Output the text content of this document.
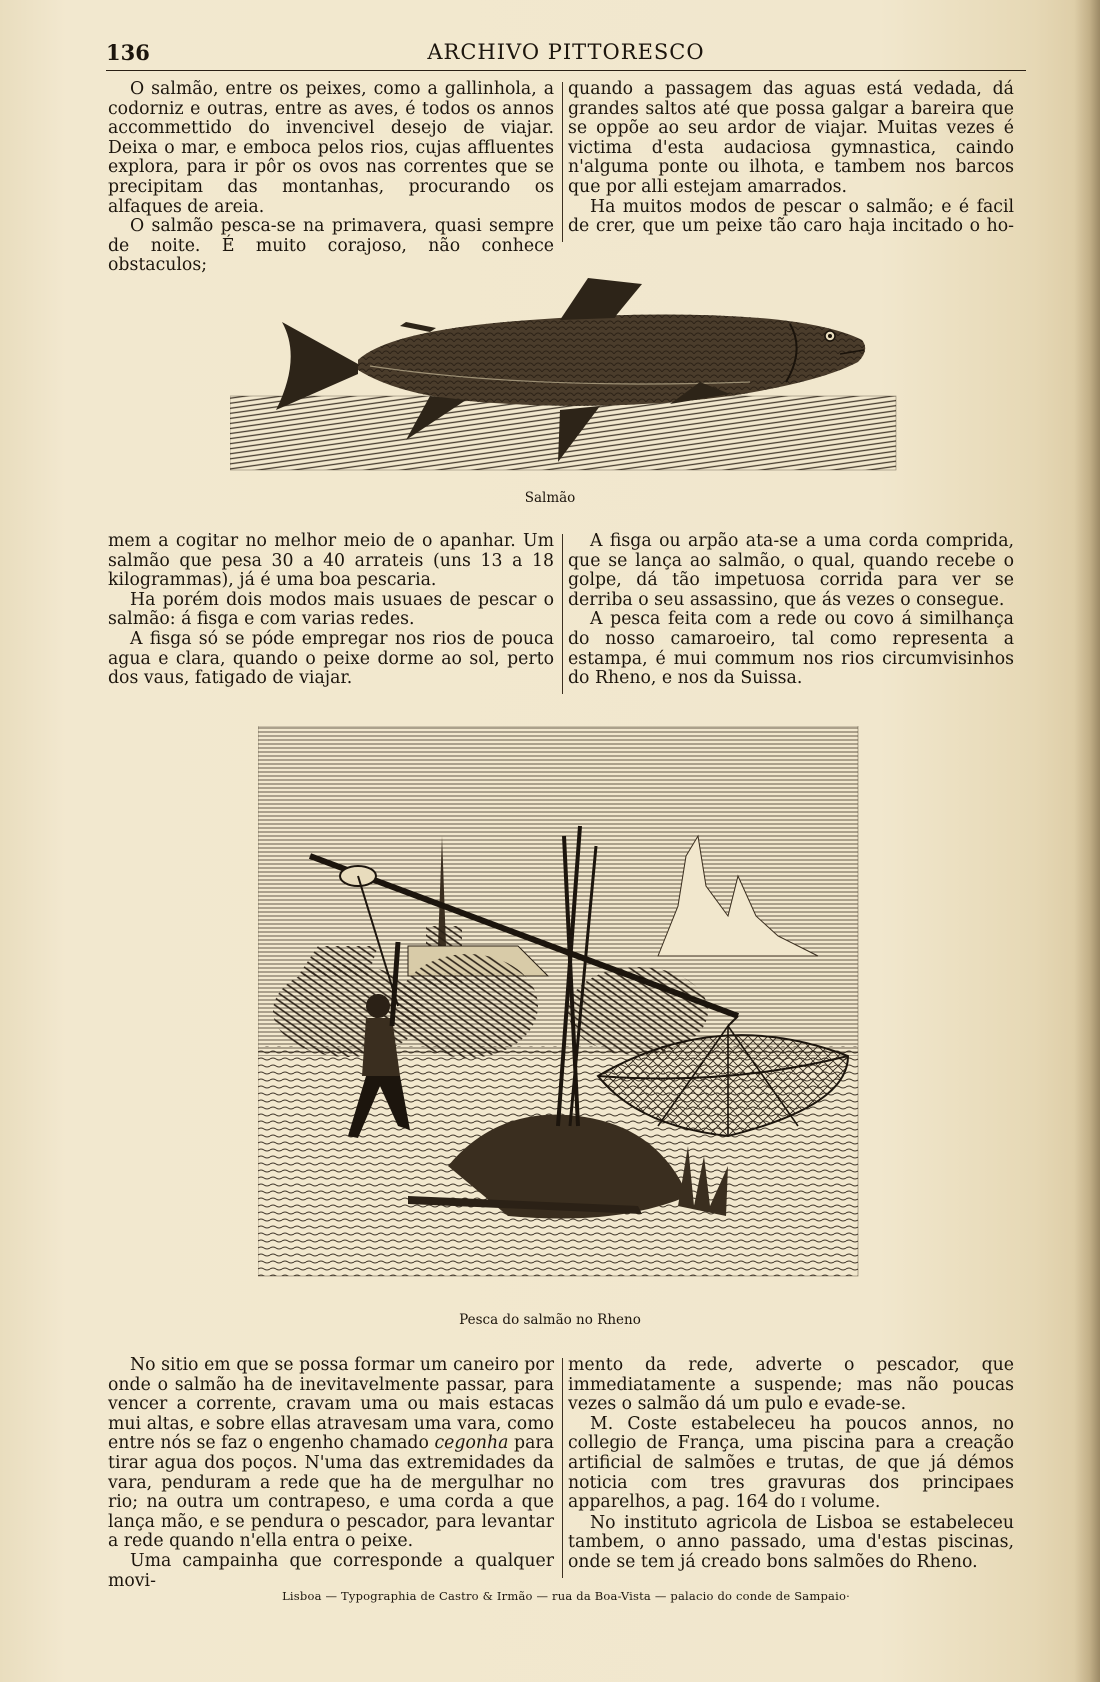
136	ARCHIVO PITTORESCO

O salmão, entre os peixes, como a gallinhola, a codorniz e outras, entre as aves, é todos os annos accommettido do invencivel desejo de viajar. Deixa o mar, e emboca pelos rios, cujas affluentes explora, para ir pôr os ovos nas correntes que se precipitam das montanhas, procurando os alfaques de areia.

O salmão pesca-se na primavera, quasi sempre de noite. É muito corajoso, não conhece obstaculos;

quando a passagem das aguas está vedada, dá grandes saltos até que possa galgar a bareira que se oppõe ao seu ardor de viajar. Muitas vezes é victima d'esta audaciosa gymnastica, caindo n'alguma ponte ou ilhota, e tambem nos barcos que por alli estejam amarrados.

Ha muitos modos de pescar o salmão; e é facil de crer, que um peixe tão caro haja incitado o ho-

Salmão

mem a cogitar no melhor meio de o apanhar. Um salmão que pesa 30 a 40 arrateis (uns 13 a 18 kilogrammas), já é uma boa pescaria.

Ha porém dois modos mais usuaes de pescar o salmão: á fisga e com varias redes.

A fisga só se póde empregar nos rios de pouca agua e clara, quando o peixe dorme ao sol, perto dos vaus, fatigado de viajar.

A fisga ou arpão ata-se a uma corda comprida, que se lança ao salmão, o qual, quando recebe o golpe, dá tão impetuosa corrida para ver se derriba o seu assassino, que ás vezes o consegue.

A pesca feita com a rede ou covo á similhança do nosso camaroeiro, tal como representa a estampa, é mui commum nos rios circumvisinhos do Rheno, e nos da Suissa.

Pesca do salmão no Rheno

No sitio em que se possa formar um caneiro por onde o salmão ha de inevitavelmente passar, para vencer a corrente, cravam uma ou mais estacas mui altas, e sobre ellas atravesam uma vara, como entre nós se faz o engenho chamado cegonha para tirar agua dos poços. N'uma das extremidades da vara, penduram a rede que ha de mergulhar no rio; na outra um contrapeso, e uma corda a que lança mão, e se pendura o pescador, para levantar a rede quando n'ella entra o peixe.

Uma campainha que corresponde a qualquer movi-

mento da rede, adverte o pescador, que immediatamente a suspende; mas não poucas vezes o salmão dá um pulo e evade-se.

M. Coste estabeleceu ha poucos annos, no collegio de França, uma piscina para a creação artificial de salmões e trutas, de que já démos noticia com tres gravuras dos principaes apparelhos, a pag. 164 do I volume.

No instituto agricola de Lisboa se estabeleceu tambem, o anno passado, uma d'estas piscinas, onde se tem já creado bons salmões do Rheno.

Lisboa — Typographia de Castro & Irmão — rua da Boa-Vista — palacio do conde de Sampaio·
